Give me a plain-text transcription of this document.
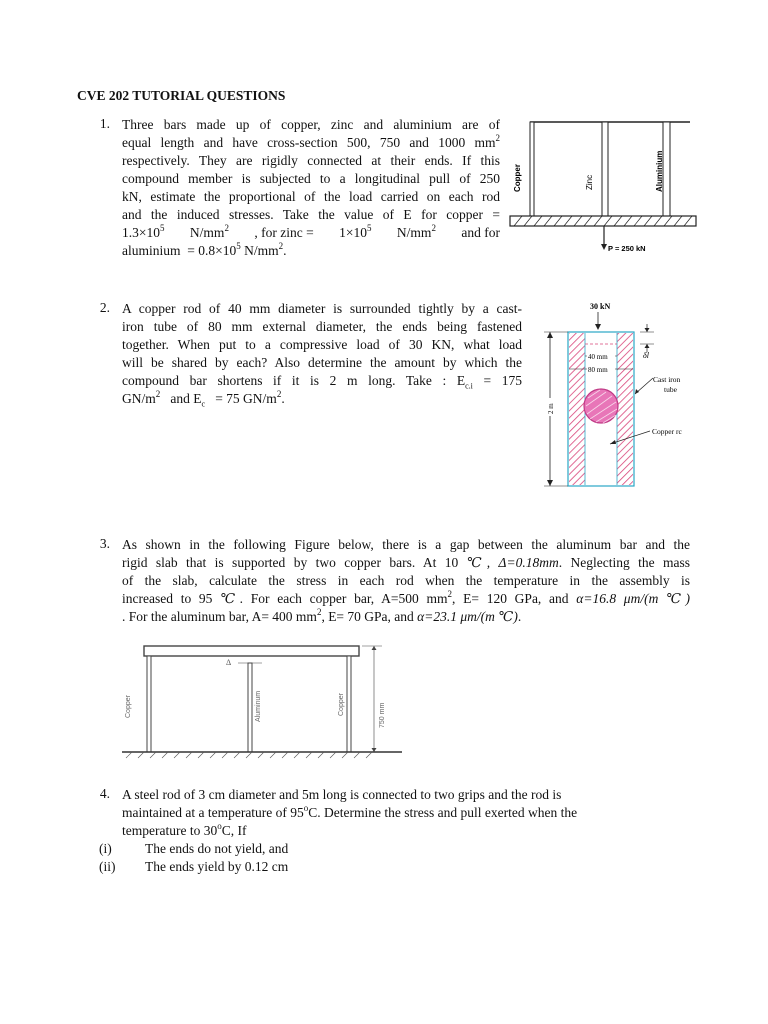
CVE 202 TUTORIAL QUESTIONS
1. Three bars made up of copper, zinc and aluminium are of
equal length and have cross-section 500, 750 and 1000 $mm^2$
respectively. They are rigidly connected at their ends. If this
compound member is subjected to a longitudinal pull of 250
kN, estimate the proportional of the load carried on each rod
and the induced stresses. Take the value of E for copper =
$1.3\times 10^5$ $N/mm^2$ , for zinc = $1\times 10^5$ $N/mm^2$ and for
aluminium = $0.8\times 10^5$ $N/mm^2$.
Copper	Zinc	Aluminium
P = 250 kN
2. A copper rod of 40 mm diameter is surrounded tightly by a cast-
iron tube of 80 mm external diameter, the ends being fastened
together. When put to a compressive load of 30 KN, what load
will be shared by each? Also determine the amount by which the
compound bar shortens if it is 2 m long. Take : $E_{c.i} = 175$
$GN/m^2$   and $E_c = 75$ $GN/m^2$.
30 kN
40 mm
80 mm
δl
2 m
Cast iron
tube
Copper rc
3. As shown in the following Figure below, there is a gap between the aluminum bar and the
rigid slab that is supported by two copper bars. At 10 ℃, Δ=0.18mm. Neglecting the mass
of the slab, calculate the stress in each rod when the temperature in the assembly is
increased to 95 ℃. For each copper bar, A=500 $mm^2$, E= 120 GPa, and α=16.8 μm/(m ℃)
. For the aluminum bar, A= 400 $mm^2$, E= 70 GPa, and α=23.1 μm/(m ℃).
Δ
Copper	Aluminum	Copper	750 mm
4. A steel rod of 3 cm diameter and 5m long is connected to two grips and the rod is
maintained at a temperature of 95$^o$C. Determine the stress and pull exerted when the
temperature to 30$^o$C, If
(i) The ends do not yield, and
(ii) The ends yield by 0.12 cm
